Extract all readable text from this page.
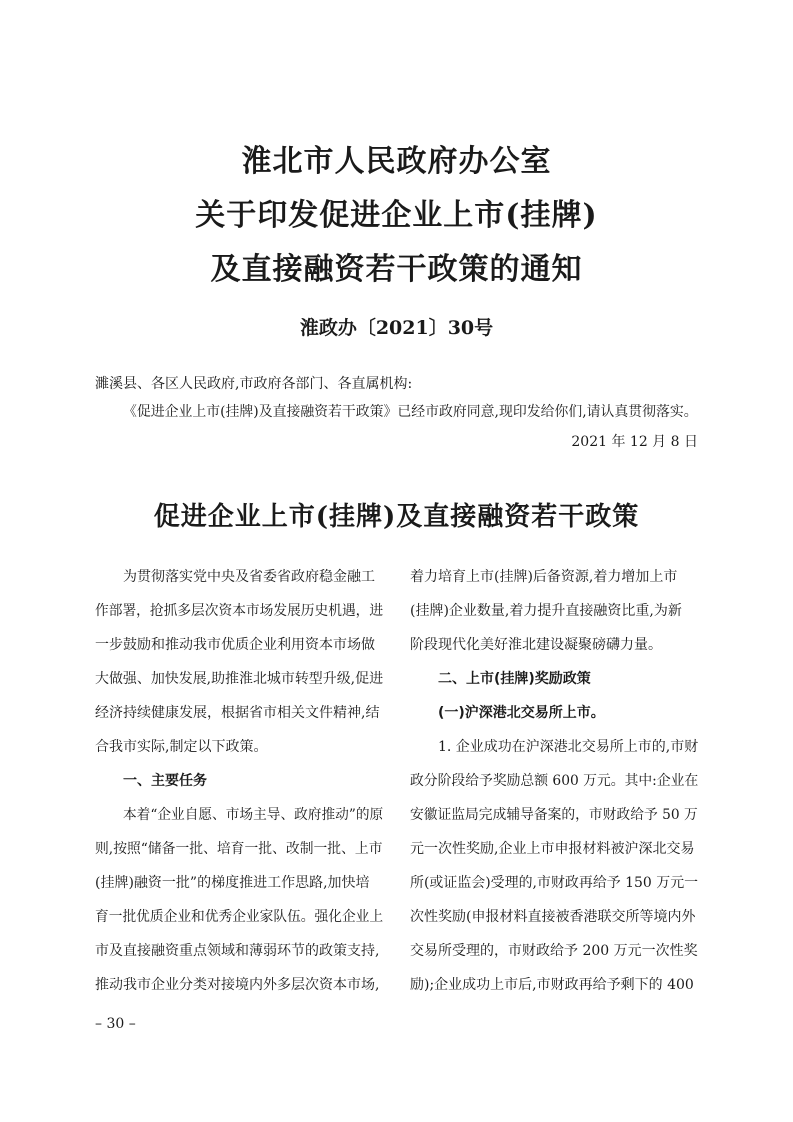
淮北市人民政府办公室
关于印发促进企业上市(挂牌)
及直接融资若干政策的通知
淮政办〔2021〕30号
濉溪县、各区人民政府,市政府各部门、各直属机构:
《促进企业上市(挂牌)及直接融资若干政策》已经市政府同意,现印发给你们,请认真贯彻落实。
2021 年 12 月 8 日
促进企业上市(挂牌)及直接融资若干政策

为贯彻落实党中央及省委省政府稳金融工

作部署，抢抓多层次资本市场发展历史机遇，进

一步鼓励和推动我市优质企业利用资本市场做

大做强、加快发展,助推淮北城市转型升级,促进

经济持续健康发展，根据省市相关文件精神,结

合我市实际,制定以下政策。

一、主要任务

本着“企业自愿、市场主导、政府推动”的原

则,按照“储备一批、培育一批、改制一批、上市

(挂牌)融资一批”的梯度推进工作思路,加快培

育一批优质企业和优秀企业家队伍。强化企业上

市及直接融资重点领域和薄弱环节的政策支持,

推动我市企业分类对接境内外多层次资本市场,

着力培育上市(挂牌)后备资源,着力增加上市

(挂牌)企业数量,着力提升直接融资比重,为新

阶段现代化美好淮北建设凝聚磅礴力量。

二、上市(挂牌)奖励政策

(一)沪深港北交易所上市。

1. 企业成功在沪深港北交易所上市的,市财

政分阶段给予奖励总额 600 万元。其中:企业在

安徽证监局完成辅导备案的，市财政给予 50 万

元一次性奖励,企业上市申报材料被沪深北交易

所(或证监会)受理的,市财政再给予 150 万元一

次性奖励(申报材料直接被香港联交所等境内外

交易所受理的，市财政给予 200 万元一次性奖

励);企业成功上市后,市财政再给予剩下的 400

– 30 –
